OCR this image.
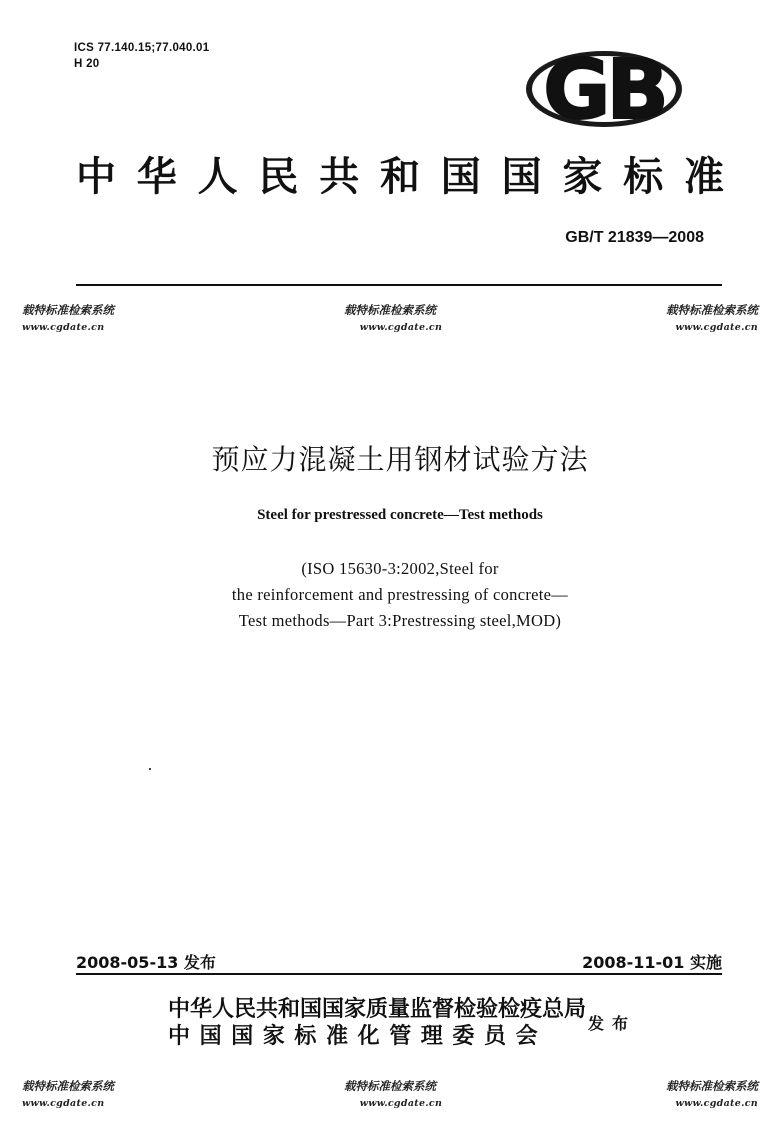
ICS 77.140.15;77.040.01
H 20	GB
中华人民共和国国家标准
GB/T 21839—2008
载特标准检索系统
www.cgdate.cn
载特标准检索系统
www.cgdate.cn
载特标准检索系统
www.cgdate.cn
预应力混凝土用钢材试验方法
Steel for prestressed concrete—Test methods
(ISO 15630-3:2002,Steel for
the reinforcement and prestressing of concrete—
Test methods—Part 3:Prestressing steel,MOD)
2008-05-13 发布	2008-11-01 实施
中华人民共和国国家质量监督检验检疫总局
中国国家标准化管理委员会	发布
载特标准检索系统
www.cgdate.cn
载特标准检索系统
www.cgdate.cn
载特标准检索系统
www.cgdate.cn
